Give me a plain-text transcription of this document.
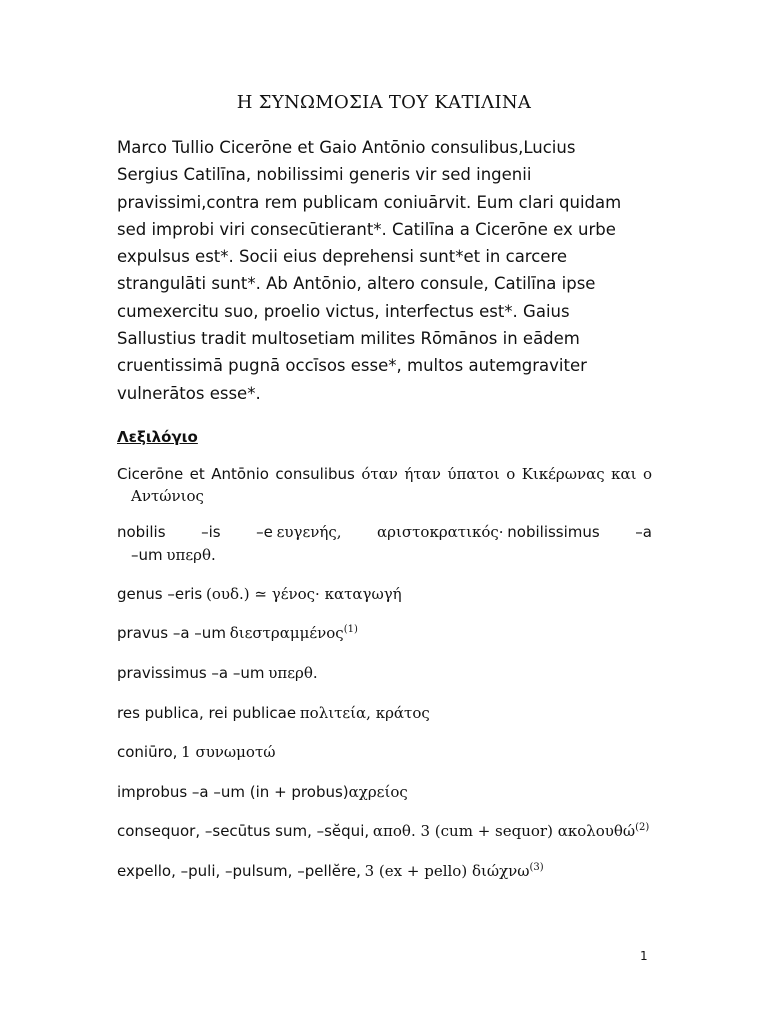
Η ΣΥΝΩΜΟΣΙΑ ΤΟΥ ΚΑΤΙΛΙΝΑ

Marco Tullio Cicerōne et Gaio Antōnio consulibus,Lucius
Sergius Catilīna, nobilissimi generis vir sed ingenii
pravissimi,contra rem publicam coniuārvit. Eum clari quidam
sed improbi viri consecūtierant*. Catilīna a Cicerōne ex urbe
expulsus est*. Socii eius deprehensi sunt*et in carcere
strangulāti sunt*. Ab Antōnio, altero consule, Catilīna ipse
cumexercitu suo, proelio victus, interfectus est*. Gaius
Sallustius tradit multosetiam milites Rōmānos in eādem
cruentissimā pugnā occīsos esse*, multos autemgraviter
vulnerātos esse*.

Λεξιλόγιο
Cicerōne et Antōnio consulibus όταν ήταν ύπατοι ο Κικέρωνας και ο
Αντώνιος
nobilis –is –e ευγενής, αριστοκρατικός· nobilissimus –a
–um υπερθ.
genus –eris (ουδ.) ≃ γένος· καταγωγή
pravus –a –um διεστραμμένος$^{(1)}$
pravissimus –a –um υπερθ.
res publica, rei publicae πολιτεία, κράτος
coniūro, 1 συνωμοτώ
improbus –a –um (in + probus)αχρείος
consequor, –secūtus sum, –sĕqui, αποθ. 3 (cum + sequor) ακολουθώ$^{(2)}$
expello, –puli, –pulsum, –pellĕre, 3 (ex + pello) διώχνω$^{(3)}$
1
